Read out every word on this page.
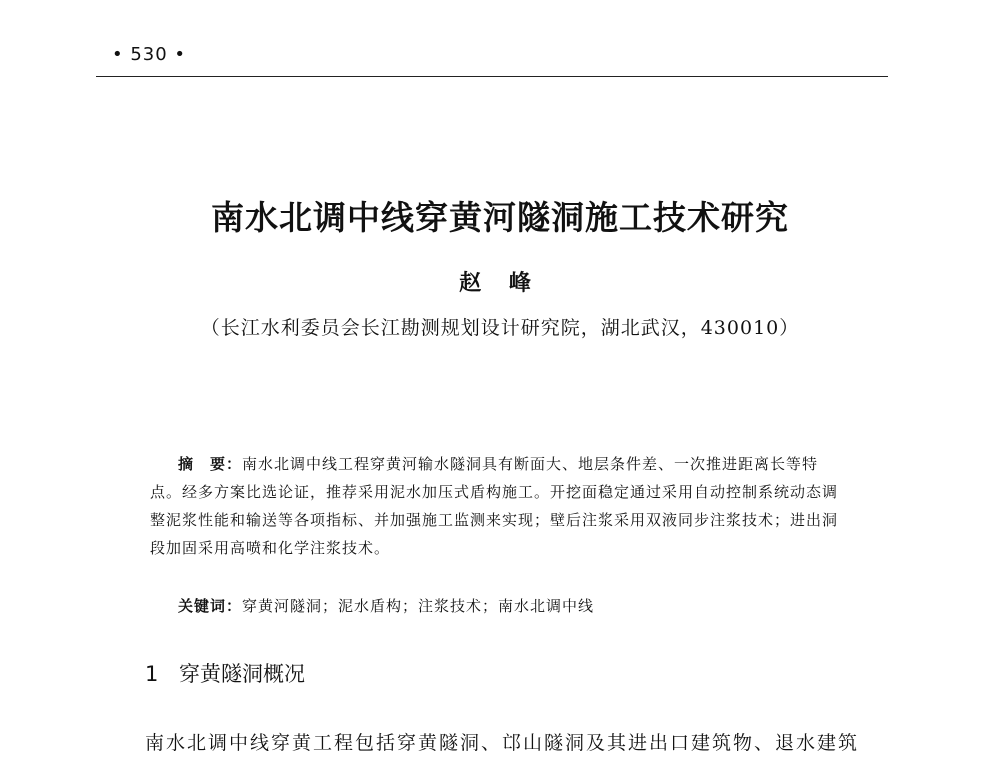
• 530 •
南水北调中线穿黄河隧洞施工技术研究
赵 峰
（长江水利委员会长江勘测规划设计研究院，湖北武汉，430010）

摘　要：南水北调中线工程穿黄河输水隧洞具有断面大、地层条件差、一次推进距离长等特点。经多方案比选论证，推荐采用泥水加压式盾构施工。开挖面稳定通过采用自动控制系统动态调整泥浆性能和输送等各项指标、并加强施工监测来实现；壁后注浆采用双液同步注浆技术；进出洞段加固采用高喷和化学注浆技术。

关键词：穿黄河隧洞；泥水盾构；注浆技术；南水北调中线

1 穿黄隧洞概况

南水北调中线穿黄工程包括穿黄隧洞、邙山隧洞及其进出口建筑物、退水建筑
